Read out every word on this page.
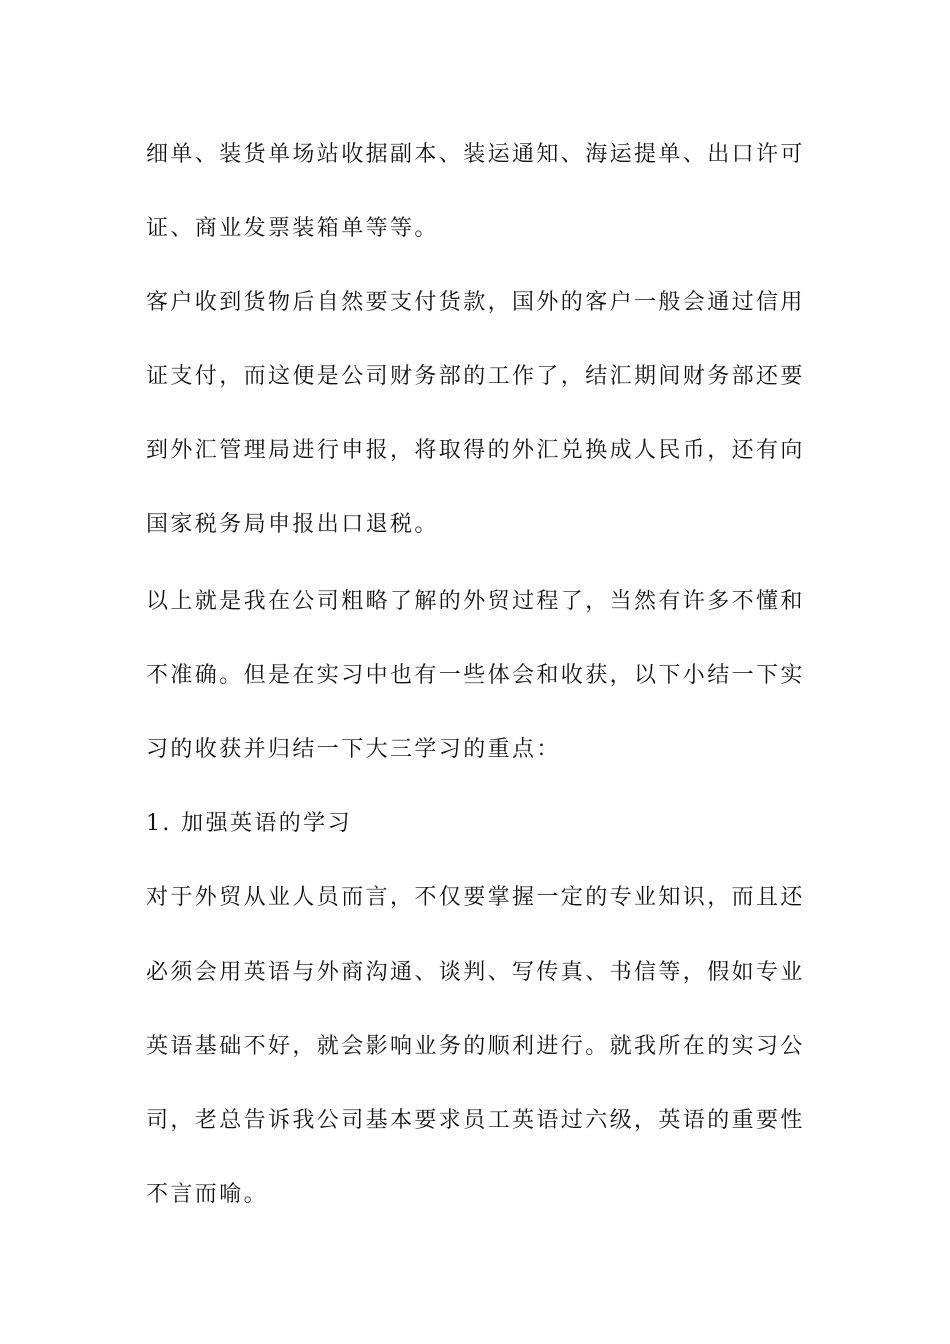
细单、装货单场站收据副本、装运通知、海运提单、出口许可
证、商业发票装箱单等等。
客户收到货物后自然要支付货款，国外的客户一般会通过信用
证支付，而这便是公司财务部的工作了，结汇期间财务部还要
到外汇管理局进行申报，将取得的外汇兑换成人民币，还有向
国家税务局申报出口退税。
以上就是我在公司粗略了解的外贸过程了，当然有许多不懂和
不准确。但是在实习中也有一些体会和收获，以下小结一下实
习的收获并归结一下大三学习的重点：
1. 加强英语的学习
对于外贸从业人员而言，不仅要掌握一定的专业知识，而且还
必须会用英语与外商沟通、谈判、写传真、书信等，假如专业
英语基础不好，就会影响业务的顺利进行。就我所在的实习公
司，老总告诉我公司基本要求员工英语过六级，英语的重要性
不言而喻。
